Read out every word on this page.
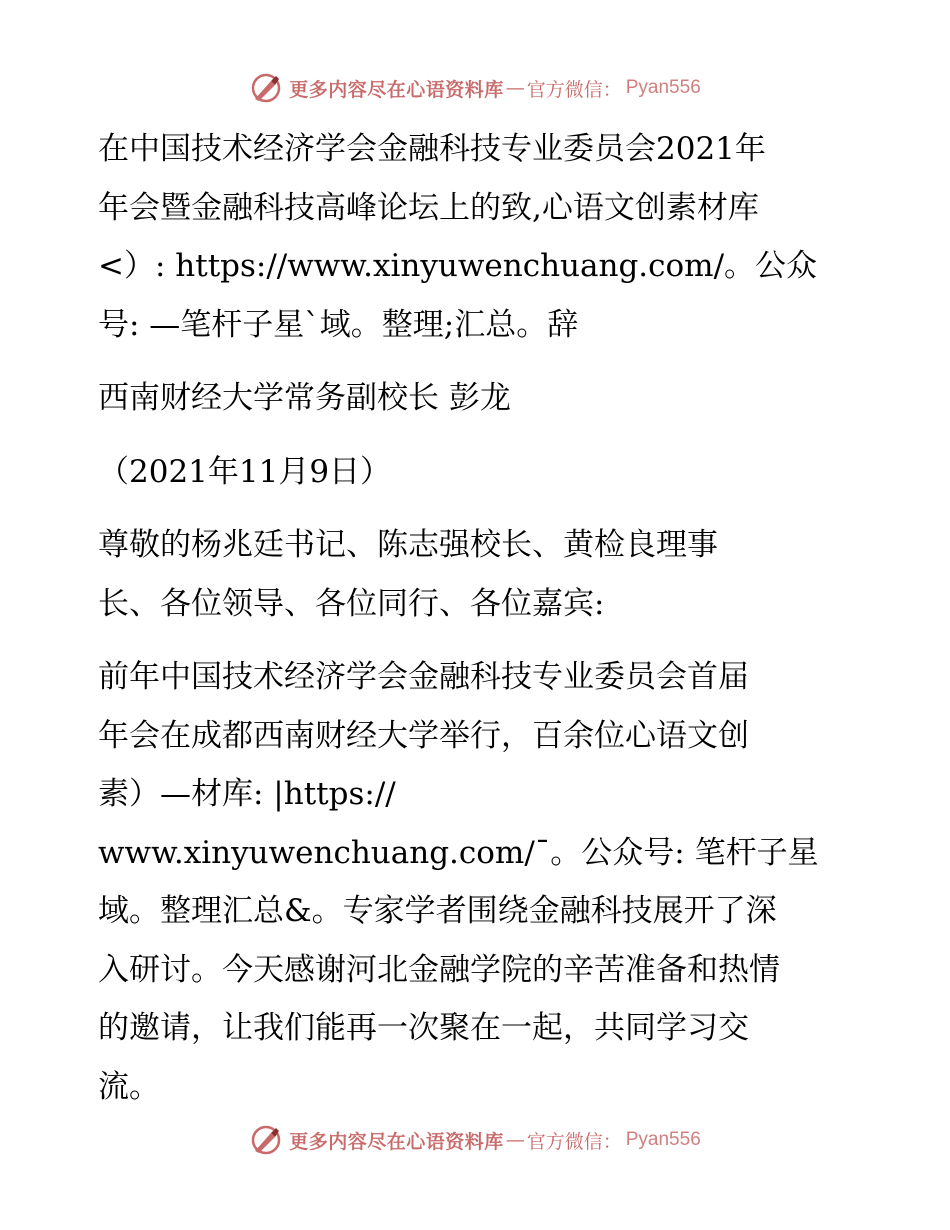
更多内容尽在心语资料库 — 官方微信： Pyan556
在中国技术经济学会金融科技专业委员会2021年
年会暨金融科技高峰论坛上的致,心语文创素材库
<）: https://www.xinyuwenchuang.com/。公众
号: —笔杆子星ˋ域。整理;汇总。辞
西南财经大学常务副校长 彭龙
（2021年11月9日）
尊敬的杨兆廷书记、陈志强校长、黄检良理事
长、各位领导、各位同行、各位嘉宾:
前年中国技术经济学会金融科技专业委员会首届
年会在成都西南财经大学举行，百余位心语文创
素）—材库: |https://
www.xinyuwenchuang.com/¯。公众号: 笔杆子星
域。整理汇总&。专家学者围绕金融科技展开了深
入研讨。今天感谢河北金融学院的辛苦准备和热情
的邀请，让我们能再一次聚在一起，共同学习交
流。
更多内容尽在心语资料库 — 官方微信： Pyan556
